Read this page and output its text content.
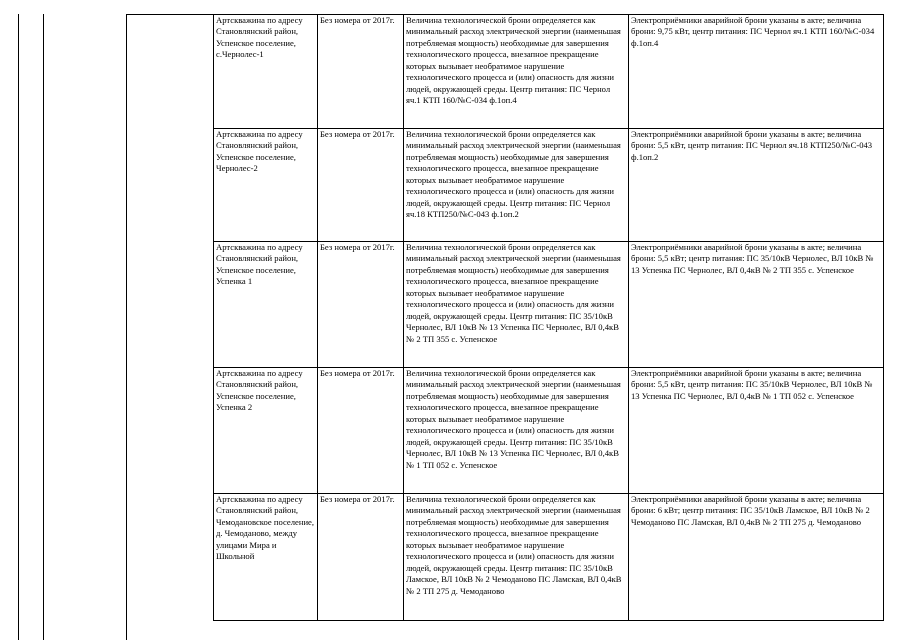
Артскважина по адресу Становлянский район, Успенское поселение, с.Чернолес-1	Без номера от 2017г.	Величина технологической брони определяется как минимальный расход электрической энергии (наименьшая потребляемая мощность) необходимые для завершения технологического процесса, внезапное прекращение которых вызывает необратимое нарушение технологического процесса и (или) опасность для жизни людей, окружающей среды. Центр питания: ПС Чернол яч.1 КТП 160/№С-034 ф.1оп.4	Электроприёмники аварийной брони указаны в акте; величина брони: 9,75 кВт, центр питания: ПС Чернол яч.1 КТП 160/№С-034 ф.1оп.4
Артскважина по адресу Становлянский район, Успенское поселение, Чернолес-2	Без номера от 2017г.	Величина технологической брони определяется как минимальный расход электрической энергии (наименьшая потребляемая мощность) необходимые для завершения технологического процесса, внезапное прекращение которых вызывает необратимое нарушение технологического процесса и (или) опасность для жизни людей, окружающей среды. Центр питания: ПС Чернол яч.18 КТП250/№С-043 ф.1оп.2	Электроприёмники аварийной брони указаны в акте; величина брони: 5,5 кВт, центр питания: ПС Чернол яч.18 КТП250/№С-043 ф.1оп.2
Артскважина по адресу Становлянский район, Успенское поселение, Успенка 1	Без номера от 2017г.	Величина технологической брони определяется как минимальный расход электрической энергии (наименьшая потребляемая мощность) необходимые для завершения технологического процесса, внезапное прекращение которых вызывает необратимое нарушение технологического процесса и (или) опасность для жизни людей, окружающей среды. Центр питания: ПС 35/10кВ Чернолес, ВЛ 10кВ № 13 Успенка ПС Чернолес, ВЛ 0,4кВ № 2 ТП 355 с. Успенское	Электроприёмники аварийной брони указаны в акте; величина брони: 5,5 кВт; центр питания: ПС 35/10кВ Чернолес, ВЛ 10кВ № 13 Успенка ПС Чернолес, ВЛ 0,4кВ № 2 ТП 355 с. Успенское
Артскважина по адресу Становлянский район, Успенское поселение, Успенка 2	Без номера от 2017г.	Величина технологической брони определяется как минимальный расход электрической энергии (наименьшая потребляемая мощность) необходимые для завершения технологического процесса, внезапное прекращение которых вызывает необратимое нарушение технологического процесса и (или) опасность для жизни людей, окружающей среды. Центр питания: ПС 35/10кВ Чернолес, ВЛ 10кВ № 13 Успенка ПС Чернолес, ВЛ 0,4кВ № 1 ТП 052 с. Успенское	Электроприёмники аварийной брони указаны в акте; величина брони: 5,5 кВт, центр питания: ПС 35/10кВ Чернолес, ВЛ 10кВ № 13 Успенка ПС Чернолес, ВЛ 0,4кВ № 1 ТП 052 с. Успенское
Артскважина по адресу Становлянский район, Чемодановское поселение, д. Чемоданово, между улицами Мира и Школьной	Без номера от 2017г.	Величина технологической брони определяется как минимальный расход электрической энергии (наименьшая потребляемая мощность) необходимые для завершения технологического процесса, внезапное прекращение которых вызывает необратимое нарушение технологического процесса и (или) опасность для жизни людей, окружающей среды. Центр питания: ПС 35/10кВ Ламское, ВЛ 10кВ № 2 Чемоданово ПС Ламская, ВЛ 0,4кВ № 2 ТП 275 д. Чемоданово	Электроприёмники аварийной брони указаны в акте; величина брони: 6 кВт; центр питания: ПС 35/10кВ Ламское, ВЛ 10кВ № 2 Чемоданово ПС Ламская, ВЛ 0,4кВ № 2 ТП 275 д. Чемоданово
